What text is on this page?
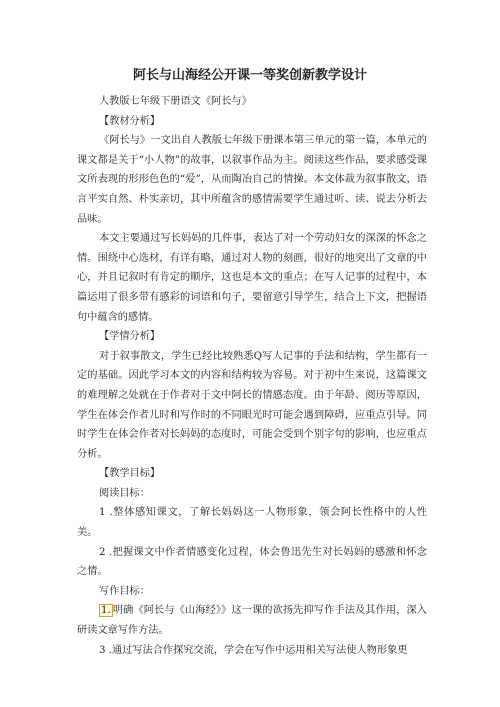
阿长与山海经公开课一等奖创新教学设计

人教版七年级下册语文《阿长与》

【教材分析】

《阿长与》一文出自人教版七年级下册课本第三单元的第一篇，本单元的课文都是关于“小人物”的故事，以叙事作品为主。阅读这些作品，要求感受课文所表现的形形色色的“爱”，从而陶冶自己的情操。本文体裁为叙事散文，语言平实自然、朴实亲切，其中所蕴含的感情需要学生通过听、读、说去分析去品味。

本文主要通过写长妈妈的几件事，表达了对一个劳动妇女的深深的怀念之情。围绕中心选材，有详有略，通过对人物的刻画，很好的地突出了文章的中心，并且记叙时有肯定的顺序，这也是本文的重点；在写人记事的过程中，本篇运用了很多带有感彩的词语和句子，要留意引导学生，结合上下文，把握语句中蕴含的感情。

【学情分析】

对于叙事散文，学生已经比较熟悉Q写人记事的手法和结构，学生都有一定的基础。因此学习本文的内容和结构较为容易。对于初中生来说，这篇课文的难理解之处就在于作者对于文中阿长的情感态度。由于年龄、阅历等原因，学生在体会作者儿时和写作时的不同眼光时可能会遇到障碍，应重点引导。同时学生在体会作者对长妈妈的态度时，可能会受到个别字句的影响，也应重点分析。

【教学目标】

阅读目标：

1 .整体感知课文，了解长妈妈这一人物形象，领会阿长性格中的人性美。

2 .把握课文中作者情感变化过程，体会鲁迅先生对长妈妈的感激和怀念之情。

写作目标：

1. 明确《阿长与《山海经》》这一课的欲扬先抑写作手法及其作用，深入研读文章写作方法。

3 .通过写法合作探究交流，学会在写作中运用相关写法使人物形象更
